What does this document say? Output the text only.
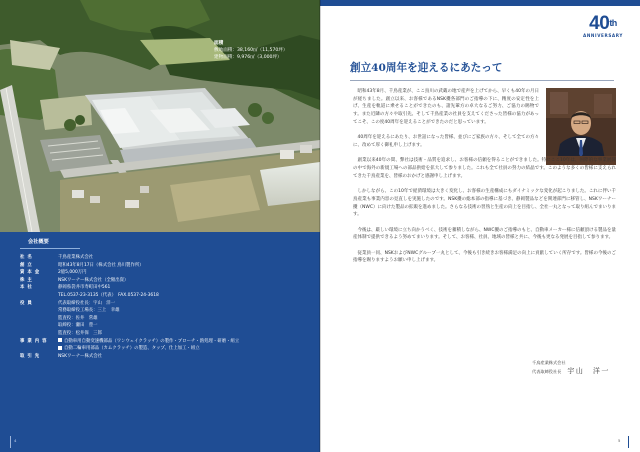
面積
敷地面積：38,160㎡（11,570坪）
建物面積：9,976㎡（3,000坪）
会社概要
社名	千鳥産業株式会社
創立	昭和43年8月17日（株式会社 鳥川製作所）
資本金	2億5,000万円
株主	NSKワーナー株式会社（全額出資）
本社	静岡県袋井市寿町田中561
TEL.0537-23-3135（代表）　FAX.0537-24-3618
役員	代表取締役社長：宇山　洋一
常務取締役工場長：三上　幸雄
監査役：佐井　常雄
取締役：瀬田　豊一
監査役：松井保　三郎
事業内容	自動車用自動変速機部品（ワンウェイクラッチ）の製作・ブローチ・熱処理・研磨・組立
自動二輪車用部品（カムクラッチ）の製造、タップ、仕上加工・組立
取引先	NSKワーナー株式会社
4
40th
ANNIVERSARY
創立40周年を迎えるにあたって

昭和43年8月、千鳥産業が、ここ鳥川の武蔵の地で産声を上げてから、早くも40年の月日が経ちました。創立以来、お客様であるNSK擾各部門のご指導の下に、精度の安定性を上げ、生産を軌道に乗せることができたのも、諸先輩方の卓大なるご努力、ご協力の賜物です。また近隣の方々や取引先、そして千鳥産業の社員を支えてくださった皆様の協力があってこそ、この度40周年を迎えることができたのだと思っています。

40周年を迎えるにあたり、お世話になった皆様、並びにご家族の方々、そして全ての方々に、改めて厚く御礼申し上げます。

創業以来40年の間、弊社は技術・品質を追求し、お客様の信頼を得ることができました。特にここ10年は、国際的な事業展開の中で海外の新規工場への部品供給を拡大して参りました。これも全て社員の努力の結晶です。このような多くの皆様に支えられてきた千鳥産業を、皆様のおかげと感謝申し上げます。

しかしながら、この10年で経済環境は大きく変化し、お客様の生産構成にもダイナミックな変化が起こりました。これに伴い千鳥産業も事業内容の見直しを実施したのです。NSK擾の総本部の指導に基づき、静岡製品などを関連部門に移管し、NSKワーナー擾（NWC）に向けた製品の拡販を進めました。さらなる技術の習熟と生産の向上を目指し、全社一丸となって取り組んでまいります。

今後は、厳しい環境に立ち向かうべく、技術を蓄積しながら、NWC擾のご指導のもと、自動車メーカー様に信頼頂ける製品を量産体制で提供できるよう努めてまいります。そして、お客様、社員、地域の皆様と共に、今後も更なる発展を目指して参ります。

従業員一同、NSKおよびNWCグループ一丸として、今後も引き続きお客様満足の向上に貢献していく所存です。皆様の今後のご指導を賜りますようお願い申し上げます。

千鳥産業株式会社
代表取締役社長 宇山　洋一
5
